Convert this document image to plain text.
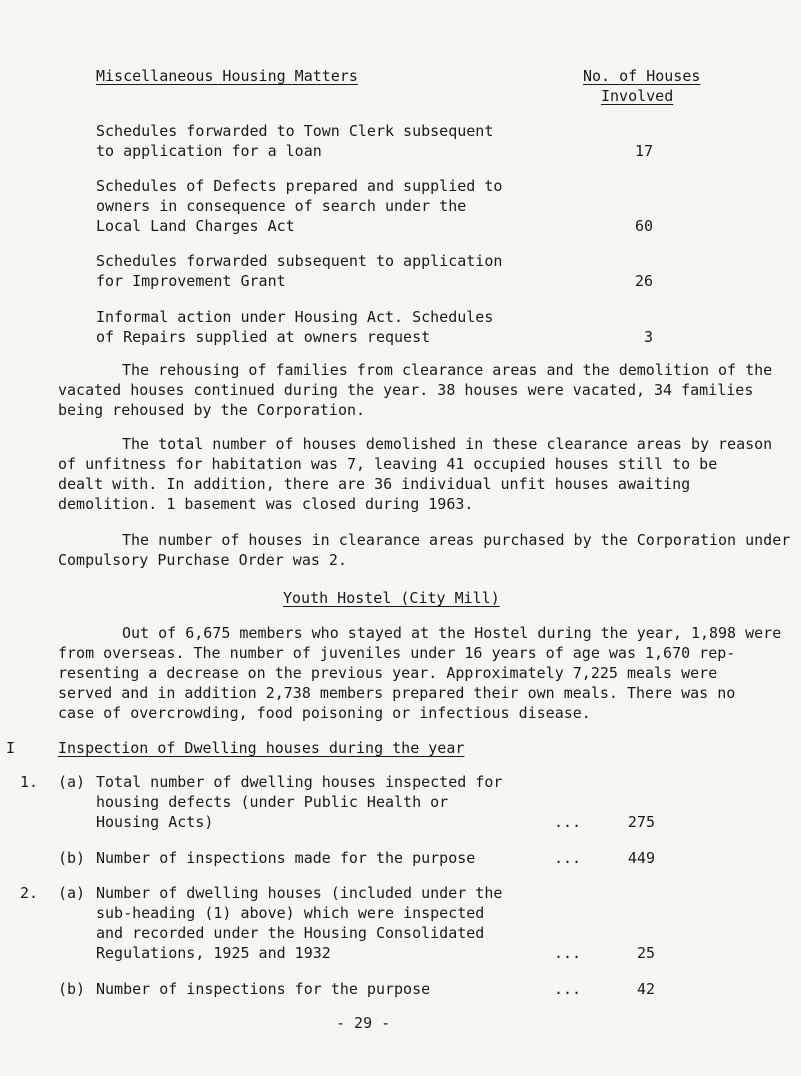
Miscellaneous Housing Matters	No. of Houses
Involved
Schedules forwarded to Town Clerk subsequent
to application for a loan	17
Schedules of Defects prepared and supplied to
owners in consequence of search under the
Local Land Charges Act	60
Schedules forwarded subsequent to application
for Improvement Grant	26
Informal action under Housing Act. Schedules
of Repairs supplied at owners request	3
The rehousing of families from clearance areas and the demolition of the
vacated houses continued during the year. 38 houses were vacated, 34 families
being rehoused by the Corporation.
The total number of houses demolished in these clearance areas by reason
of unfitness for habitation was 7, leaving 41 occupied houses still to be
dealt with. In addition, there are 36 individual unfit houses awaiting
demolition. 1 basement was closed during 1963.
The number of houses in clearance areas purchased by the Corporation under
Compulsory Purchase Order was 2.
Youth Hostel (City Mill)
Out of 6,675 members who stayed at the Hostel during the year, 1,898 were
from overseas. The number of juveniles under 16 years of age was 1,670 rep-
resenting a decrease on the previous year. Approximately 7,225 meals were
served and in addition 2,738 members prepared their own meals. There was no
case of overcrowding, food poisoning or infectious disease.
I	Inspection of Dwelling houses during the year
1. (a) Total number of dwelling houses inspected for
housing defects (under Public Health or
Housing Acts)	...	275
(b) Number of inspections made for the purpose	...	449
2. (a) Number of dwelling houses (included under the
sub-heading (1) above) which were inspected
and recorded under the Housing Consolidated
Regulations, 1925 and 1932	...	25
(b) Number of inspections for the purpose	...	42
- 29 -
